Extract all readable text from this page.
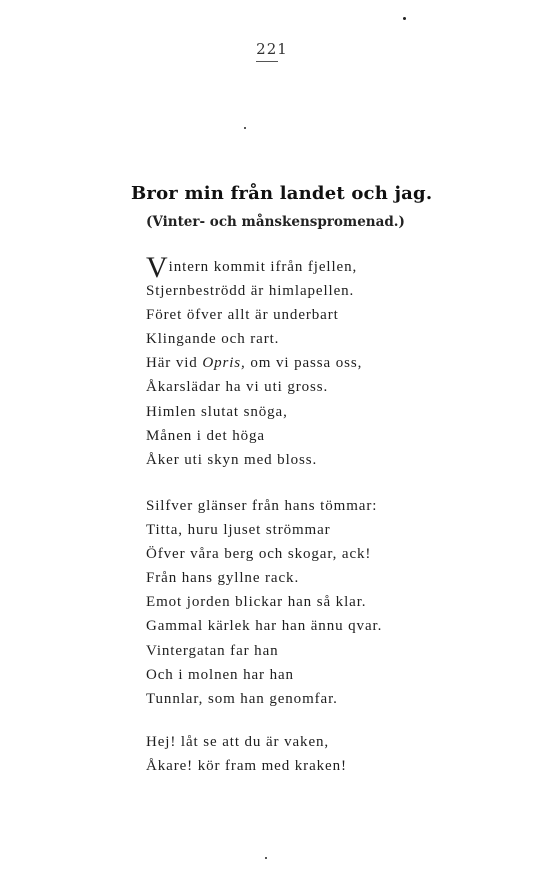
221
Bror min från landet och jag.
(Vinter- och månskenspromenad.)
Vintern kommit ifrån fjellen,
Stjernbeströdd är himlapellen.
Föret öfver allt är underbart
Klingande och rart.
Här vid Opris, om vi passa oss,
Åkarslädar ha vi uti gross.
Himlen slutat snöga,
Månen i det höga
Åker uti skyn med bloss.
Silfver glänser från hans tömmar:
Titta, huru ljuset strömmar
Öfver våra berg och skogar, ack!
Från hans gyllne rack.
Emot jorden blickar han så klar.
Gammal kärlek har han ännu qvar.
Vintergatan far han
Och i molnen har han
Tunnlar, som han genomfar.
Hej! låt se att du är vaken,
Åkare! kör fram med kraken!
